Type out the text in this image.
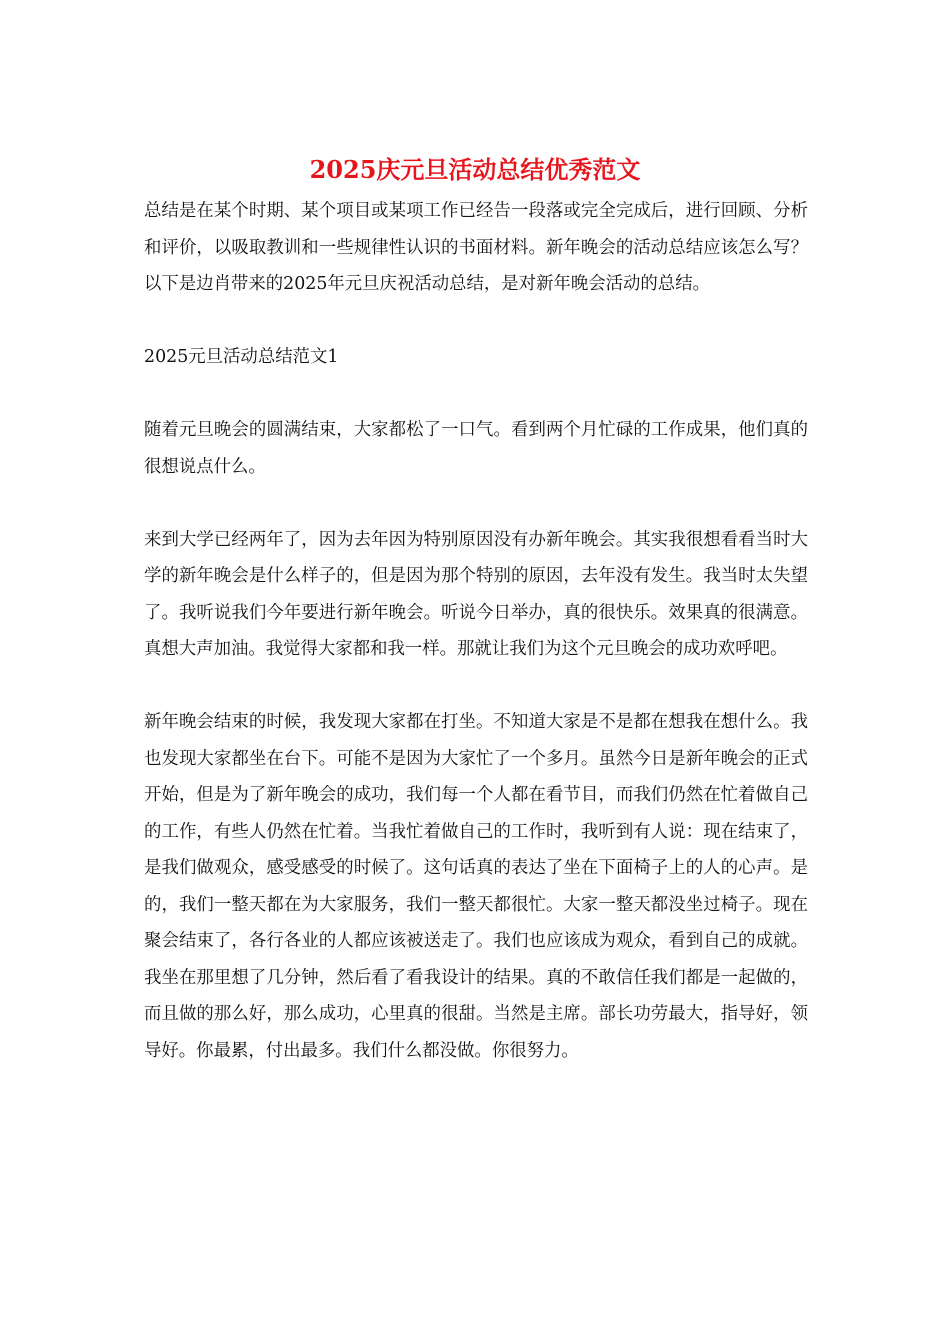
2025庆元旦活动总结优秀范文

总结是在某个时期、某个项目或某项工作已经告一段落或完全完成后，进行回顾、分析和评价，以吸取教训和一些规律性认识的书面材料。新年晚会的活动总结应该怎么写？以下是边肖带来的2025年元旦庆祝活动总结，是对新年晚会活动的总结。

2025元旦活动总结范文1

随着元旦晚会的圆满结束，大家都松了一口气。看到两个月忙碌的工作成果，他们真的很想说点什么。

来到大学已经两年了，因为去年因为特别原因没有办新年晚会。其实我很想看看当时大学的新年晚会是什么样子的，但是因为那个特别的原因，去年没有发生。我当时太失望了。我听说我们今年要进行新年晚会。听说今日举办，真的很快乐。效果真的很满意。真想大声加油。我觉得大家都和我一样。那就让我们为这个元旦晚会的成功欢呼吧。

新年晚会结束的时候，我发现大家都在打坐。不知道大家是不是都在想我在想什么。我也发现大家都坐在台下。可能不是因为大家忙了一个多月。虽然今日是新年晚会的正式开始，但是为了新年晚会的成功，我们每一个人都在看节目，而我们仍然在忙着做自己的工作，有些人仍然在忙着。当我忙着做自己的工作时，我听到有人说：现在结束了，是我们做观众，感受感受的时候了。这句话真的表达了坐在下面椅子上的人的心声。是的，我们一整天都在为大家服务，我们一整天都很忙。大家一整天都没坐过椅子。现在聚会结束了，各行各业的人都应该被送走了。我们也应该成为观众，看到自己的成就。我坐在那里想了几分钟，然后看了看我设计的结果。真的不敢信任我们都是一起做的，而且做的那么好，那么成功，心里真的很甜。当然是主席。部长功劳最大，指导好，领导好。你最累，付出最多。我们什么都没做。你很努力。
